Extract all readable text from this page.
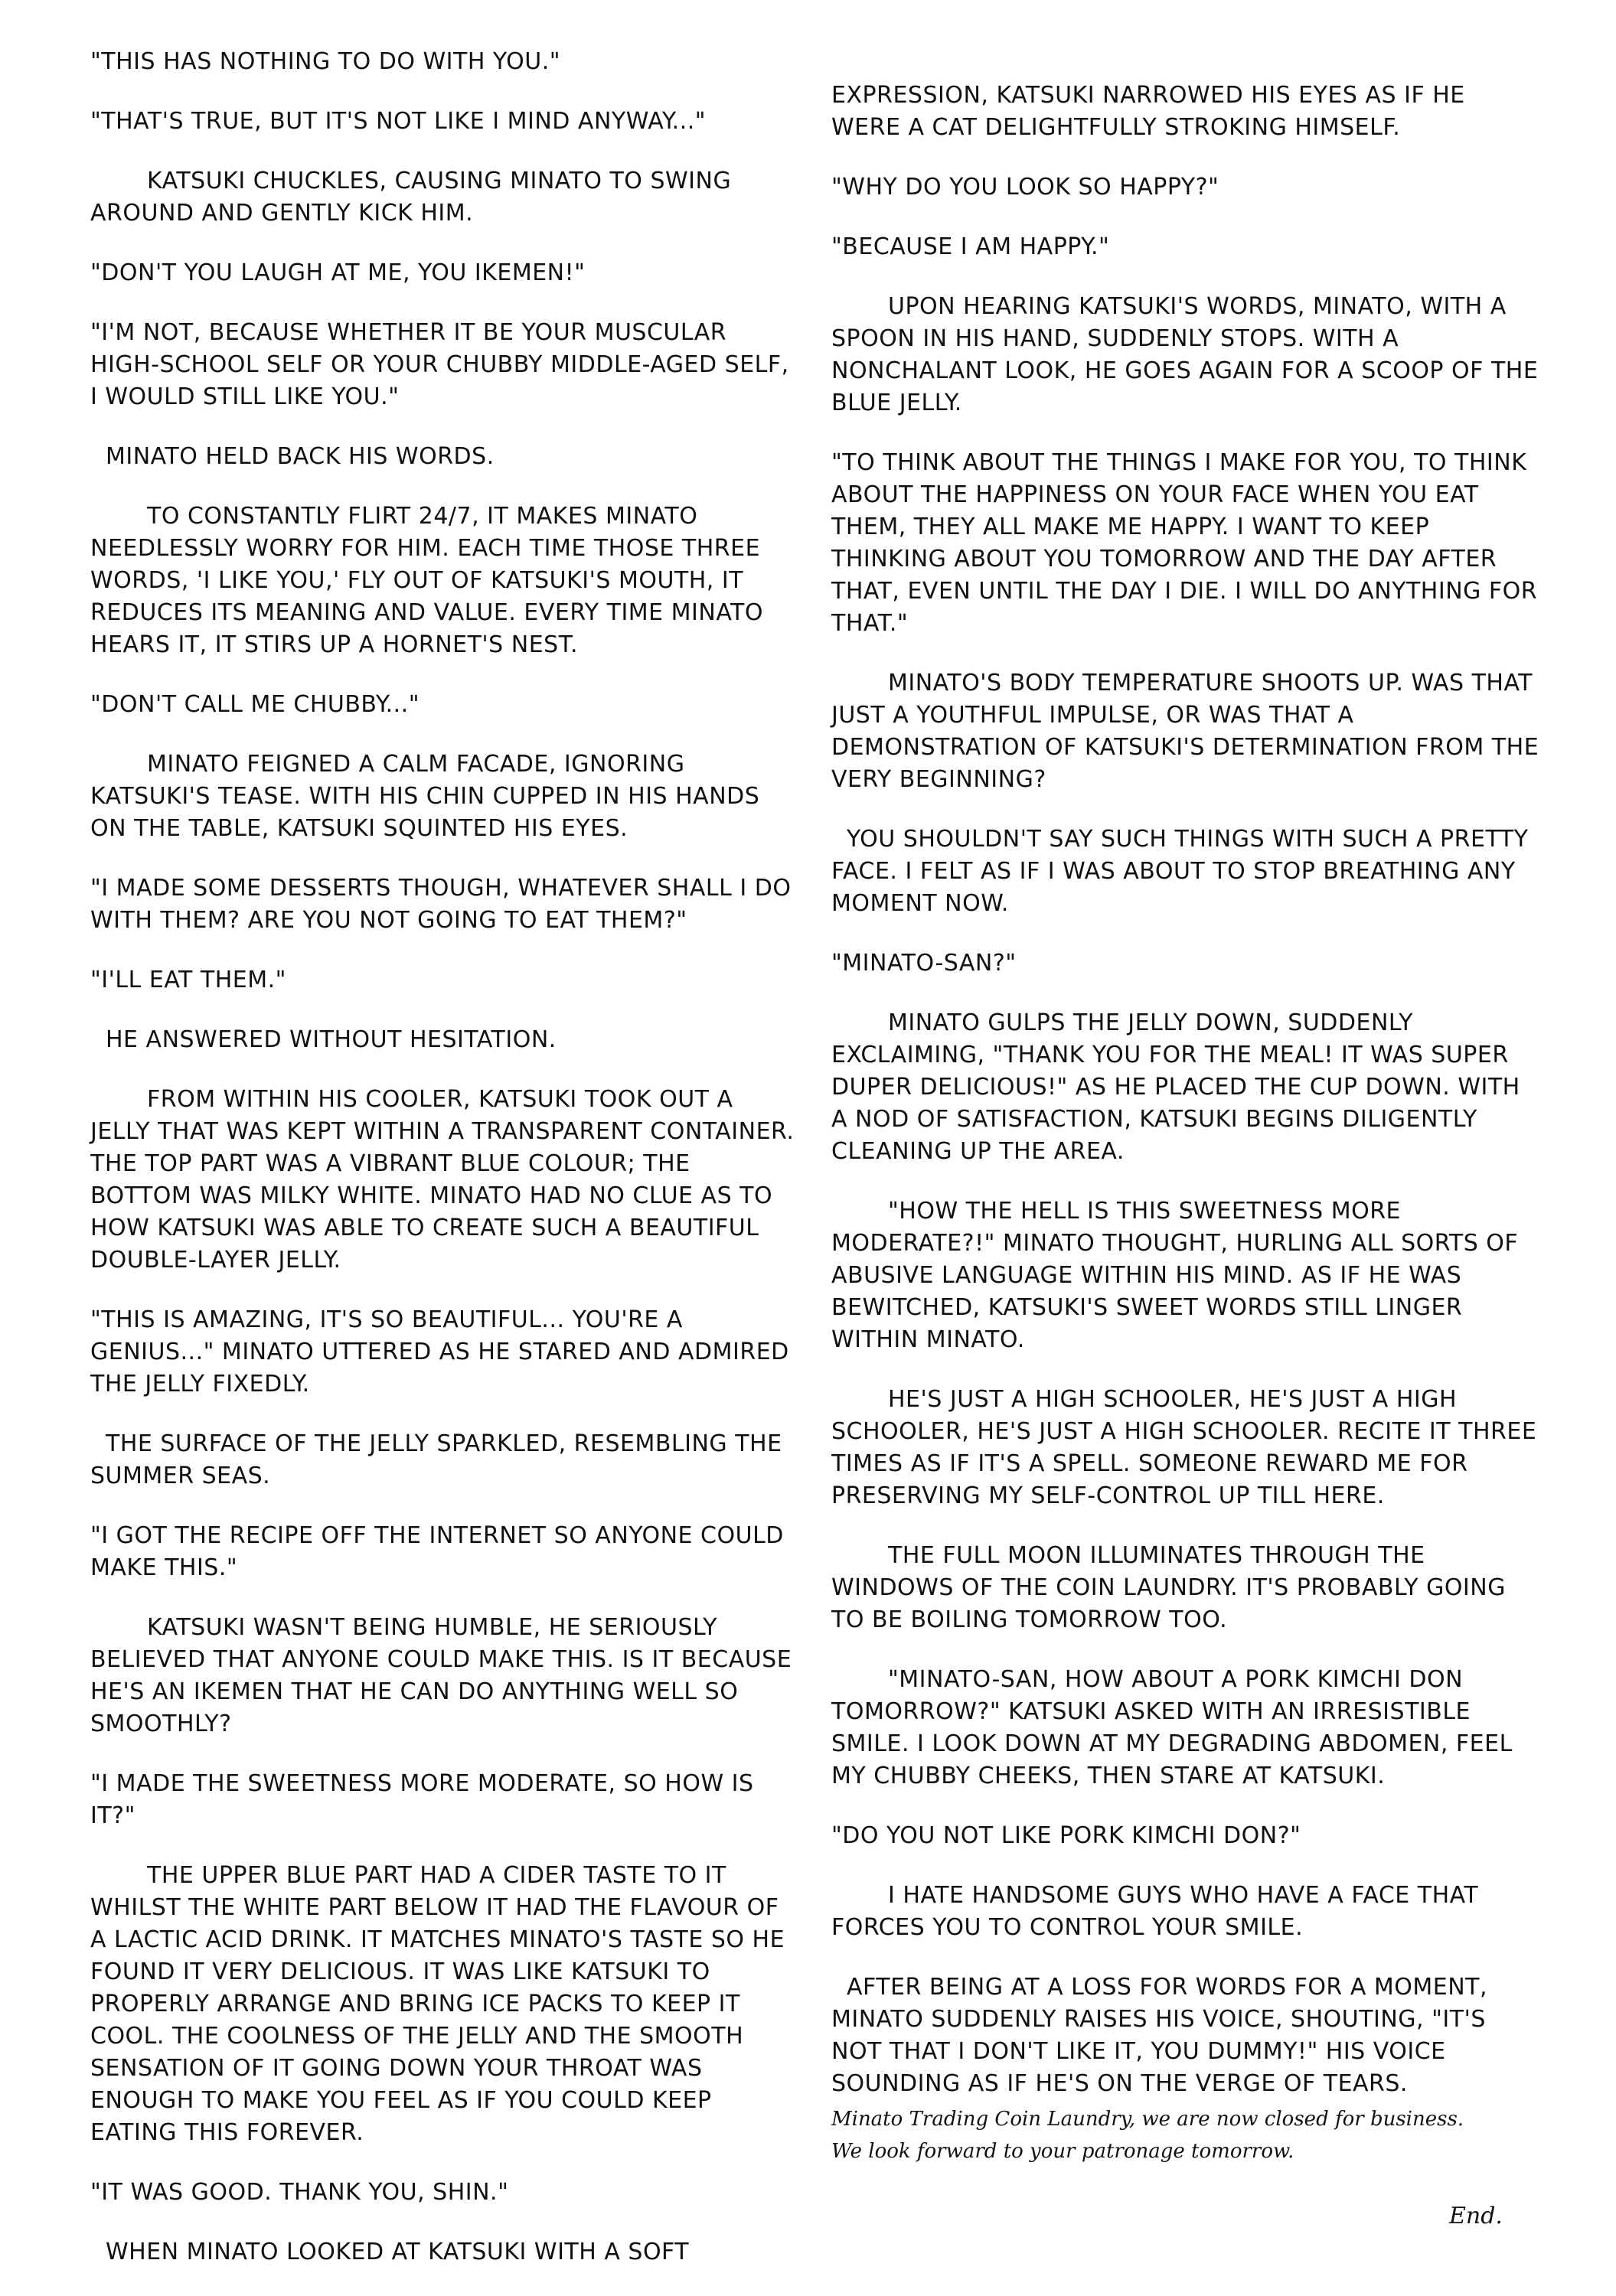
"THIS HAS NOTHING TO DO WITH YOU."

"THAT'S TRUE, BUT IT'S NOT LIKE I MIND ANYWAY..."

KATSUKI CHUCKLES, CAUSING MINATO TO SWING AROUND AND GENTLY KICK HIM.

"DON'T YOU LAUGH AT ME, YOU IKEMEN!"

"I'M NOT, BECAUSE WHETHER IT BE YOUR MUSCULAR HIGH-SCHOOL SELF OR YOUR CHUBBY MIDDLE-AGED SELF, I WOULD STILL LIKE YOU."

MINATO HELD BACK HIS WORDS.

TO CONSTANTLY FLIRT 24/7, IT MAKES MINATO NEEDLESSLY WORRY FOR HIM. EACH TIME THOSE THREE WORDS, 'I LIKE YOU,' FLY OUT OF KATSUKI'S MOUTH, IT REDUCES ITS MEANING AND VALUE. EVERY TIME MINATO HEARS IT, IT STIRS UP A HORNET'S NEST.

"DON'T CALL ME CHUBBY..."

MINATO FEIGNED A CALM FACADE, IGNORING KATSUKI'S TEASE. WITH HIS CHIN CUPPED IN HIS HANDS ON THE TABLE, KATSUKI SQUINTED HIS EYES.

"I MADE SOME DESSERTS THOUGH, WHATEVER SHALL I DO WITH THEM? ARE YOU NOT GOING TO EAT THEM?"

"I'LL EAT THEM."

HE ANSWERED WITHOUT HESITATION.

FROM WITHIN HIS COOLER, KATSUKI TOOK OUT A JELLY THAT WAS KEPT WITHIN A TRANSPARENT CONTAINER. THE TOP PART WAS A VIBRANT BLUE COLOUR; THE BOTTOM WAS MILKY WHITE. MINATO HAD NO CLUE AS TO HOW KATSUKI WAS ABLE TO CREATE SUCH A BEAUTIFUL DOUBLE-LAYER JELLY.

"THIS IS AMAZING, IT'S SO BEAUTIFUL... YOU'RE A GENIUS..." MINATO UTTERED AS HE STARED AND ADMIRED THE JELLY FIXEDLY.

THE SURFACE OF THE JELLY SPARKLED, RESEMBLING THE SUMMER SEAS.

"I GOT THE RECIPE OFF THE INTERNET SO ANYONE COULD MAKE THIS."

KATSUKI WASN'T BEING HUMBLE, HE SERIOUSLY BELIEVED THAT ANYONE COULD MAKE THIS. IS IT BECAUSE HE'S AN IKEMEN THAT HE CAN DO ANYTHING WELL SO SMOOTHLY?

"I MADE THE SWEETNESS MORE MODERATE, SO HOW IS IT?"

THE UPPER BLUE PART HAD A CIDER TASTE TO IT WHILST THE WHITE PART BELOW IT HAD THE FLAVOUR OF A LACTIC ACID DRINK. IT MATCHES MINATO'S TASTE SO HE FOUND IT VERY DELICIOUS. IT WAS LIKE KATSUKI TO PROPERLY ARRANGE AND BRING ICE PACKS TO KEEP IT COOL. THE COOLNESS OF THE JELLY AND THE SMOOTH SENSATION OF IT GOING DOWN YOUR THROAT WAS ENOUGH TO MAKE YOU FEEL AS IF YOU COULD KEEP EATING THIS FOREVER.

"IT WAS GOOD. THANK YOU, SHIN."

WHEN MINATO LOOKED AT KATSUKI WITH A SOFT

EXPRESSION, KATSUKI NARROWED HIS EYES AS IF HE WERE A CAT DELIGHTFULLY STROKING HIMSELF.

"WHY DO YOU LOOK SO HAPPY?"

"BECAUSE I AM HAPPY."

UPON HEARING KATSUKI'S WORDS, MINATO, WITH A SPOON IN HIS HAND, SUDDENLY STOPS. WITH A NONCHALANT LOOK, HE GOES AGAIN FOR A SCOOP OF THE BLUE JELLY.

"TO THINK ABOUT THE THINGS I MAKE FOR YOU, TO THINK ABOUT THE HAPPINESS ON YOUR FACE WHEN YOU EAT THEM, THEY ALL MAKE ME HAPPY. I WANT TO KEEP THINKING ABOUT YOU TOMORROW AND THE DAY AFTER THAT, EVEN UNTIL THE DAY I DIE. I WILL DO ANYTHING FOR THAT."

MINATO'S BODY TEMPERATURE SHOOTS UP. WAS THAT JUST A YOUTHFUL IMPULSE, OR WAS THAT A DEMONSTRATION OF KATSUKI'S DETERMINATION FROM THE VERY BEGINNING?

YOU SHOULDN'T SAY SUCH THINGS WITH SUCH A PRETTY FACE. I FELT AS IF I WAS ABOUT TO STOP BREATHING ANY MOMENT NOW.

"MINATO-SAN?"

MINATO GULPS THE JELLY DOWN, SUDDENLY EXCLAIMING, "THANK YOU FOR THE MEAL! IT WAS SUPER DUPER DELICIOUS!" AS HE PLACED THE CUP DOWN. WITH A NOD OF SATISFACTION, KATSUKI BEGINS DILIGENTLY CLEANING UP THE AREA.

"HOW THE HELL IS THIS SWEETNESS MORE MODERATE?!" MINATO THOUGHT, HURLING ALL SORTS OF ABUSIVE LANGUAGE WITHIN HIS MIND. AS IF HE WAS BEWITCHED, KATSUKI'S SWEET WORDS STILL LINGER WITHIN MINATO.

HE'S JUST A HIGH SCHOOLER, HE'S JUST A HIGH SCHOOLER, HE'S JUST A HIGH SCHOOLER. RECITE IT THREE TIMES AS IF IT'S A SPELL. SOMEONE REWARD ME FOR PRESERVING MY SELF-CONTROL UP TILL HERE.

THE FULL MOON ILLUMINATES THROUGH THE WINDOWS OF THE COIN LAUNDRY. IT'S PROBABLY GOING TO BE BOILING TOMORROW TOO.

"MINATO-SAN, HOW ABOUT A PORK KIMCHI DON TOMORROW?" KATSUKI ASKED WITH AN IRRESISTIBLE SMILE. I LOOK DOWN AT MY DEGRADING ABDOMEN, FEEL MY CHUBBY CHEEKS, THEN STARE AT KATSUKI.

"DO YOU NOT LIKE PORK KIMCHI DON?"

I HATE HANDSOME GUYS WHO HAVE A FACE THAT FORCES YOU TO CONTROL YOUR SMILE.

AFTER BEING AT A LOSS FOR WORDS FOR A MOMENT, MINATO SUDDENLY RAISES HIS VOICE, SHOUTING, "IT'S NOT THAT I DON'T LIKE IT, YOU DUMMY!" HIS VOICE SOUNDING AS IF HE'S ON THE VERGE OF TEARS.

Minato Trading Coin Laundry, we are now closed for business.
We look forward to your patronage tomorrow.
End.
